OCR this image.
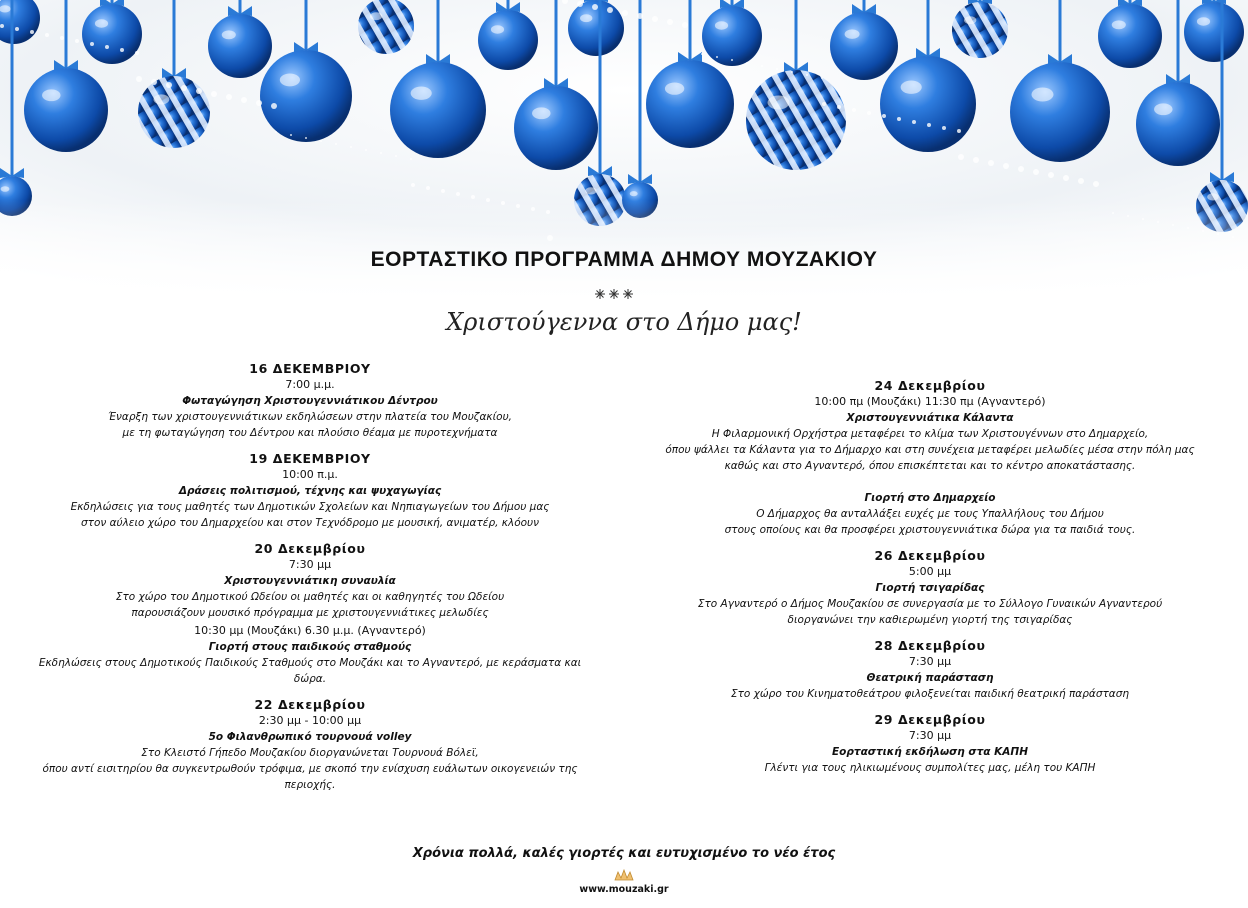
ΕΟΡΤΑΣΤΙΚΟ ΠΡΟΓΡΑΜΜΑ ΔΗΜΟΥ ΜΟΥΖΑΚΙΟΥ
Χριστούγεννα στο Δήμο μας!
16 ΔΕΚΕΜΒΡΙΟΥ
7:00 μ.μ.
Φωταγώγηση Χριστουγεννιάτικου Δέντρου
Έναρξη των χριστουγεννιάτικων εκδηλώσεων στην πλατεία του Μουζακίου,
με τη φωταγώγηση του Δέντρου και πλούσιο θέαμα με πυροτεχνήματα
19 ΔΕΚΕΜΒΡΙΟΥ
10:00 π.μ.
Δράσεις πολιτισμού, τέχνης και ψυχαγωγίας
Εκδηλώσεις για τους μαθητές των Δημοτικών Σχολείων και Νηπιαγωγείων του Δήμου μας
στον αύλειο χώρο του Δημαρχείου και στον Τεχνόδρομο με μουσική, ανιματέρ, κλόουν
20 Δεκεμβρίου
7:30 μμ
Χριστουγεννιάτικη συναυλία
Στο χώρο του Δημοτικού Ωδείου οι μαθητές και οι καθηγητές του Ωδείου
παρουσιάζουν μουσικό πρόγραμμα με χριστουγεννιάτικες μελωδίες
10:30 μμ (Μουζάκι) 6.30 μ.μ. (Αγναντερό)
Γιορτή στους παιδικούς σταθμούς
Εκδηλώσεις στους Δημοτικούς Παιδικούς Σταθμούς στο Μουζάκι και το Αγναντερό, με κεράσματα και δώρα.
22 Δεκεμβρίου
2:30 μμ - 10:00 μμ
5ο Φιλανθρωπικό τουρνουά volley
Στο Κλειστό Γήπεδο Μουζακίου διοργανώνεται Τουρνουά Βόλεϊ,
όπου αντί εισιτηρίου θα συγκεντρωθούν τρόφιμα, με σκοπό την ενίσχυση ευάλωτων οικογενειών της περιοχής.
24 Δεκεμβρίου
10:00 πμ (Μουζάκι) 11:30 πμ (Αγναντερό)
Χριστουγεννιάτικα Κάλαντα
Η Φιλαρμονική Ορχήστρα μεταφέρει το κλίμα των Χριστουγέννων στο Δημαρχείο,
όπου ψάλλει τα Κάλαντα για το Δήμαρχο και στη συνέχεια μεταφέρει μελωδίες μέσα στην πόλη μας
καθώς και στο Αγναντερό, όπου επισκέπτεται και το κέντρο αποκατάστασης.
Γιορτή στο Δημαρχείο
Ο Δήμαρχος θα ανταλλάξει ευχές με τους Υπαλλήλους του Δήμου
στους οποίους και θα προσφέρει χριστουγεννιάτικα δώρα για τα παιδιά τους.
26 Δεκεμβρίου
5:00 μμ
Γιορτή τσιγαρίδας
Στο Αγναντερό ο Δήμος Μουζακίου σε συνεργασία με το Σύλλογο Γυναικών Αγναντερού
διοργανώνει την καθιερωμένη γιορτή της τσιγαρίδας
28 Δεκεμβρίου
7:30 μμ
Θεατρική παράσταση
Στο χώρο του Κινηματοθεάτρου φιλοξενείται παιδική θεατρική παράσταση
29 Δεκεμβρίου
7:30 μμ
Εορταστική εκδήλωση στα ΚΑΠΗ
Γλέντι για τους ηλικιωμένους συμπολίτες μας, μέλη του ΚΑΠΗ
Χρόνια πολλά, καλές γιορτές και ευτυχισμένο το νέο έτος
www.mouzaki.gr
